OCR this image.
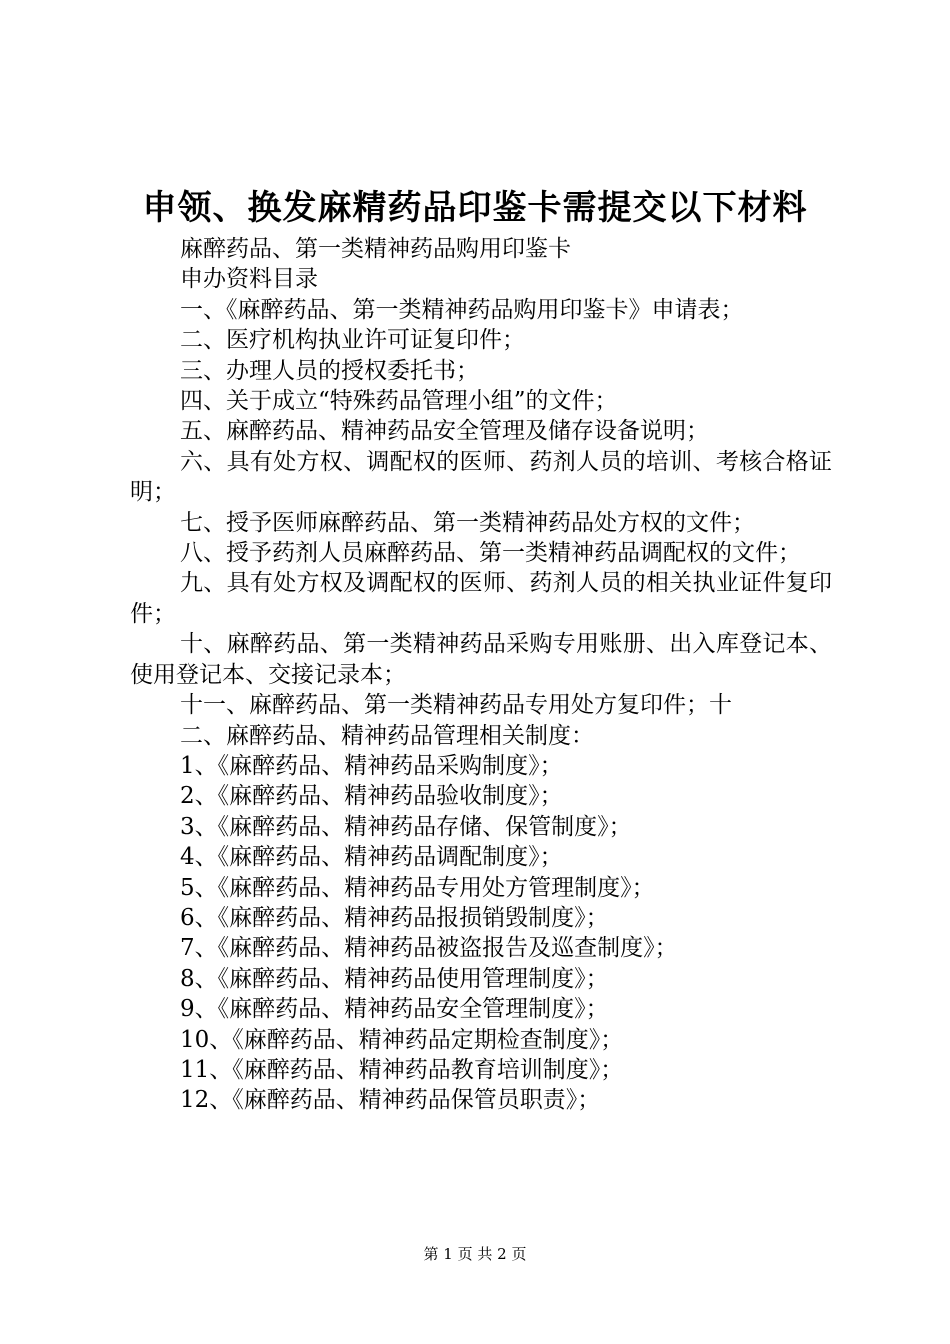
申领、换发麻精药品印鉴卡需提交以下材料

麻醉药品、第一类精神药品购用印鉴卡

申办资料目录

一、《麻醉药品、第一类精神药品购用印鉴卡》申请表；

二、医疗机构执业许可证复印件；

三、办理人员的授权委托书；

四、关于成立“特殊药品管理小组”的文件；

五、麻醉药品、精神药品安全管理及储存设备说明；

六、具有处方权、调配权的医师、药剂人员的培训、考核合格证明；

七、授予医师麻醉药品、第一类精神药品处方权的文件；

八、授予药剂人员麻醉药品、第一类精神药品调配权的文件；

九、具有处方权及调配权的医师、药剂人员的相关执业证件复印件；

十、麻醉药品、第一类精神药品采购专用账册、出入库登记本、使用登记本、交接记录本；

十一、麻醉药品、第一类精神药品专用处方复印件；十

二、麻醉药品、精神药品管理相关制度：

1、《麻醉药品、精神药品采购制度》；

2、《麻醉药品、精神药品验收制度》；

3、《麻醉药品、精神药品存储、保管制度》；

4、《麻醉药品、精神药品调配制度》；

5、《麻醉药品、精神药品专用处方管理制度》；

6、《麻醉药品、精神药品报损销毁制度》；

7、《麻醉药品、精神药品被盗报告及巡查制度》；

8、《麻醉药品、精神药品使用管理制度》；

9、《麻醉药品、精神药品安全管理制度》；

10、《麻醉药品、精神药品定期检查制度》；

11、《麻醉药品、精神药品教育培训制度》；

12、《麻醉药品、精神药品保管员职责》；

第 1 页 共 2 页
